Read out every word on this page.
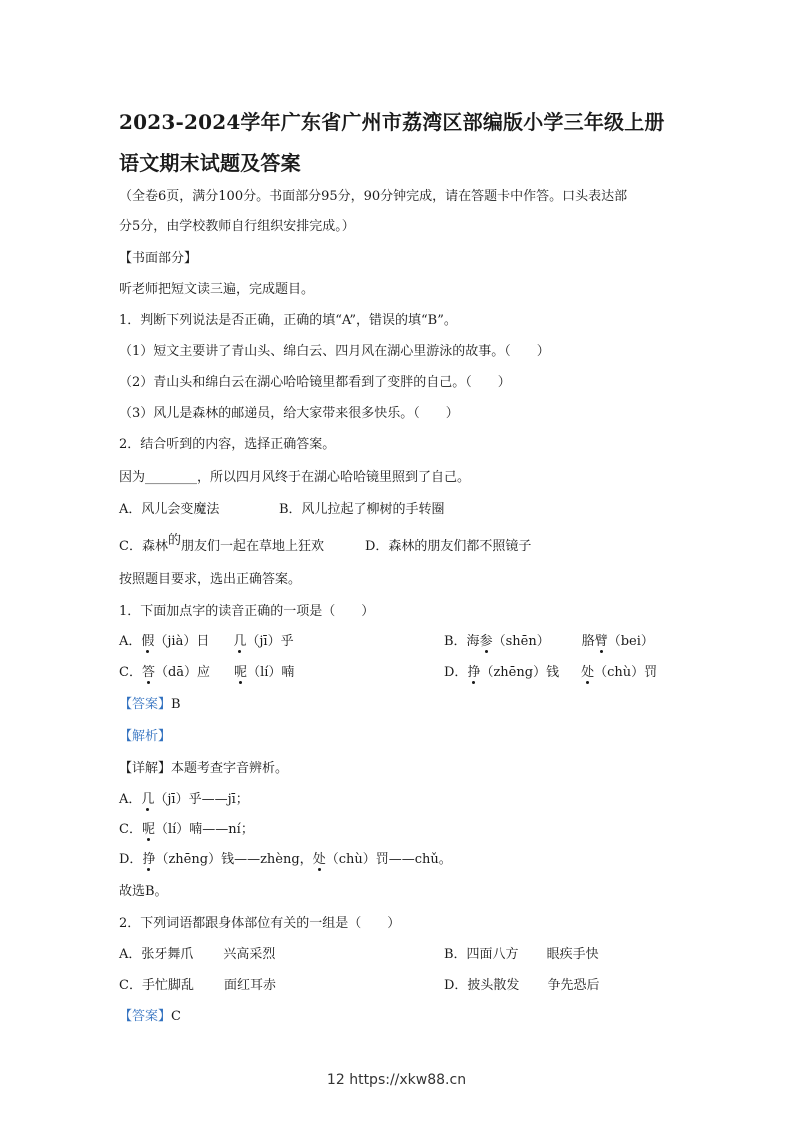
2023-2024学年广东省广州市荔湾区部编版小学三年级上册
语文期末试题及答案
（全卷6页，满分100分。书面部分95分，90分钟完成，请在答题卡中作答。口头表达部
分5分，由学校教师自行组织安排完成。）
【书面部分】
听老师把短文读三遍，完成题目。
1．判断下列说法是否正确，正确的填“A”，错误的填“B”。
（1）短文主要讲了青山头、绵白云、四月风在湖心里游泳的故事。（　　）
（2）青山头和绵白云在湖心哈哈镜里都看到了变胖的自己。（　　）
（3）风儿是森林的邮递员，给大家带来很多快乐。（　　）
2．结合听到的内容，选择正确答案。
因为________，所以四月风终于在湖心哈哈镜里照到了自己。
A．风儿会变魔法	B．风儿拉起了柳树的手转圈
C．森林的朋友们一起在草地上狂欢	D．森林的朋友们都不照镜子
按照题目要求，选出正确答案。
1．下面加点字的读音正确的一项是（　　）
A．假（jià）日 几（jī）乎	B．海参（shēn） 胳臂（bei）
C．答（dā）应 呢（lí）喃	D．挣（zhēng）钱 处（chù）罚
【答案】B
【解析】
【详解】本题考查字音辨析。
A．几（jī）乎——jī；
C．呢（lí）喃——ní；
D．挣（zhēng）钱——zhèng，处（chù）罚——chǔ。
故选B。
2．下列词语都跟身体部位有关的一组是（　　）
A．张牙舞爪 兴高采烈	B．四面八方 眼疾手快
C．手忙脚乱 面红耳赤	D．披头散发 争先恐后
【答案】C
12 https://xkw88.cn
